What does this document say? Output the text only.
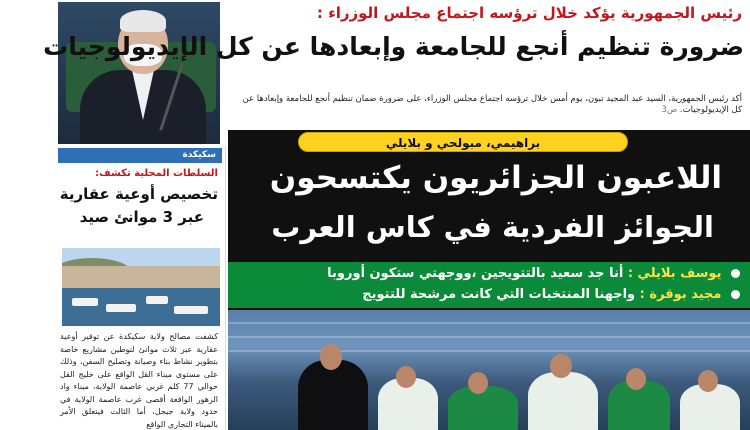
رئيس الجمهورية يؤكد خلال ترؤسه اجتماع مجلس الوزراء :
ضرورة تنظيم أنجع للجامعة وإبعادها عن كل الإيديولوجيات
أكد رئيس الجمهورية، السيد عبد المجيد تبون، يوم أمس خلال ترؤسه اجتماع مجلس الوزراء، على ضرورة ضمان تنظيم أنجع للجامعة وإبعادها عن كل الإيديولوجيات. ص3
سكيكدة
السلطات المحلية تكشف:
تخصيص أوعية عقارية
عبر 3 موانئ صيد
كشفت مصالح ولاية سكيكدة عن توفير أوعية عقارية عبر ثلاث موانئ لتوطين مشاريع خاصة بتطوير نشاط بناء وصيانة وتصليح السفن، وذلك على مستوى ميناء القل الواقع على خليج القل حوالي 77 كلم غربي عاصمة الولاية، ميناء واد الزهور الواقعة أقصى غرب عاصمة الولاية في حدود ولاية جيجل، أما الثالث فيتعلق الأمر بالميناء التجاري الواقع
براهيمي، مبولحي و بلايلي
اللاعبون الجزائريون يكتسحون
الجوائز الفردية في كاس العرب
يوسف بلايلي : أنا جد سعيد بالتتويجين ،ووجهتي ستكون أوروبا
مجيد بوقرة : واجهنا المنتخبات التي كانت مرشحة للتتويج
